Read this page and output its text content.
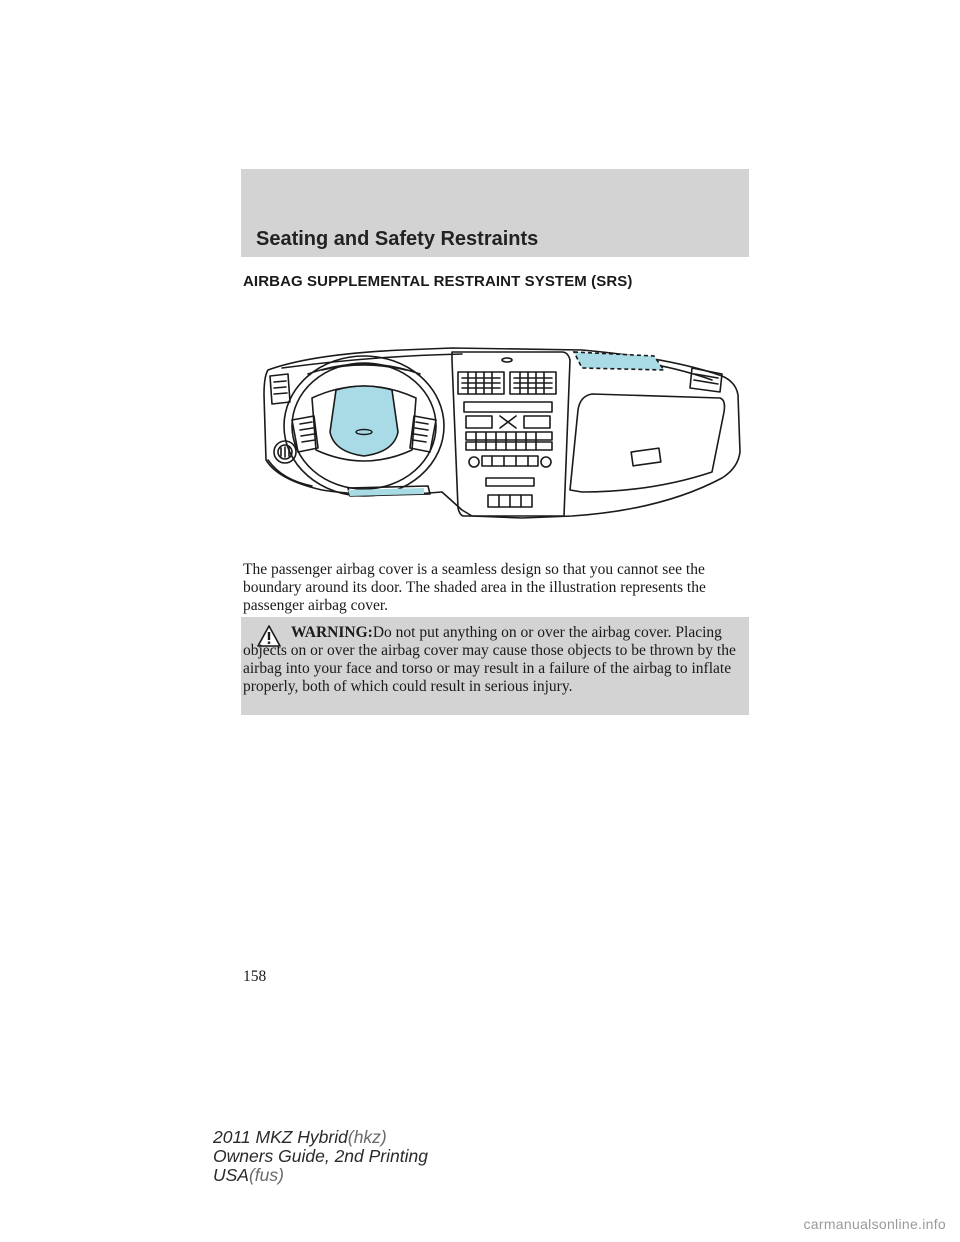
Seating and Safety Restraints
AIRBAG SUPPLEMENTAL RESTRAINT SYSTEM (SRS)

The passenger airbag cover is a seamless design so that you cannot see the boundary around its door. The shaded area in the illustration represents the passenger airbag cover.

WARNING:Do not put anything on or over the airbag cover. Placing objects on or over the airbag cover may cause those objects to be thrown by the airbag into your face and torso or may result in a failure of the airbag to inflate properly, both of which could result in serious injury.

158
2011 MKZ Hybrid(hkz)
Owners Guide, 2nd Printing
USA(fus)
carmanualsonline.info
